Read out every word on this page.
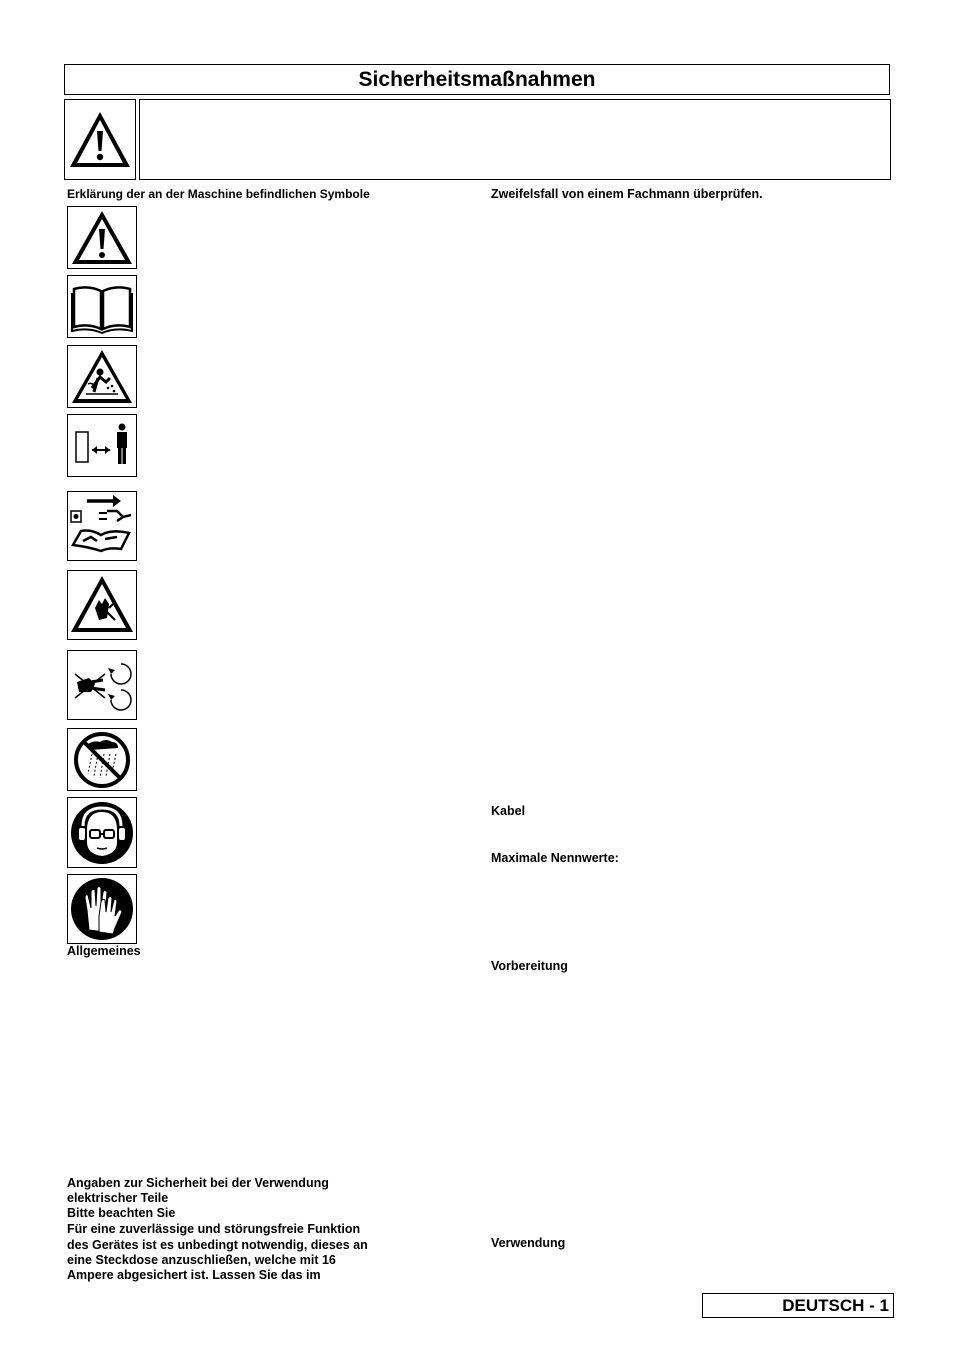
Sicherheitsmaßnahmen
Erklärung der an der Maschine befindlichen Symbole
Allgemeines
Angaben zur Sicherheit bei der Verwendung
elektrischer Teile
Bitte beachten Sie
Für eine zuverlässige und störungsfreie Funktion
des Gerätes ist es unbedingt notwendig, dieses an
eine Steckdose anzuschließen, welche mit 16
Ampere abgesichert ist. Lassen Sie das im
Zweifelsfall von einem Fachmann überprüfen.
Kabel
Maximale Nennwerte:
Vorbereitung
Verwendung
DEUTSCH - 1
